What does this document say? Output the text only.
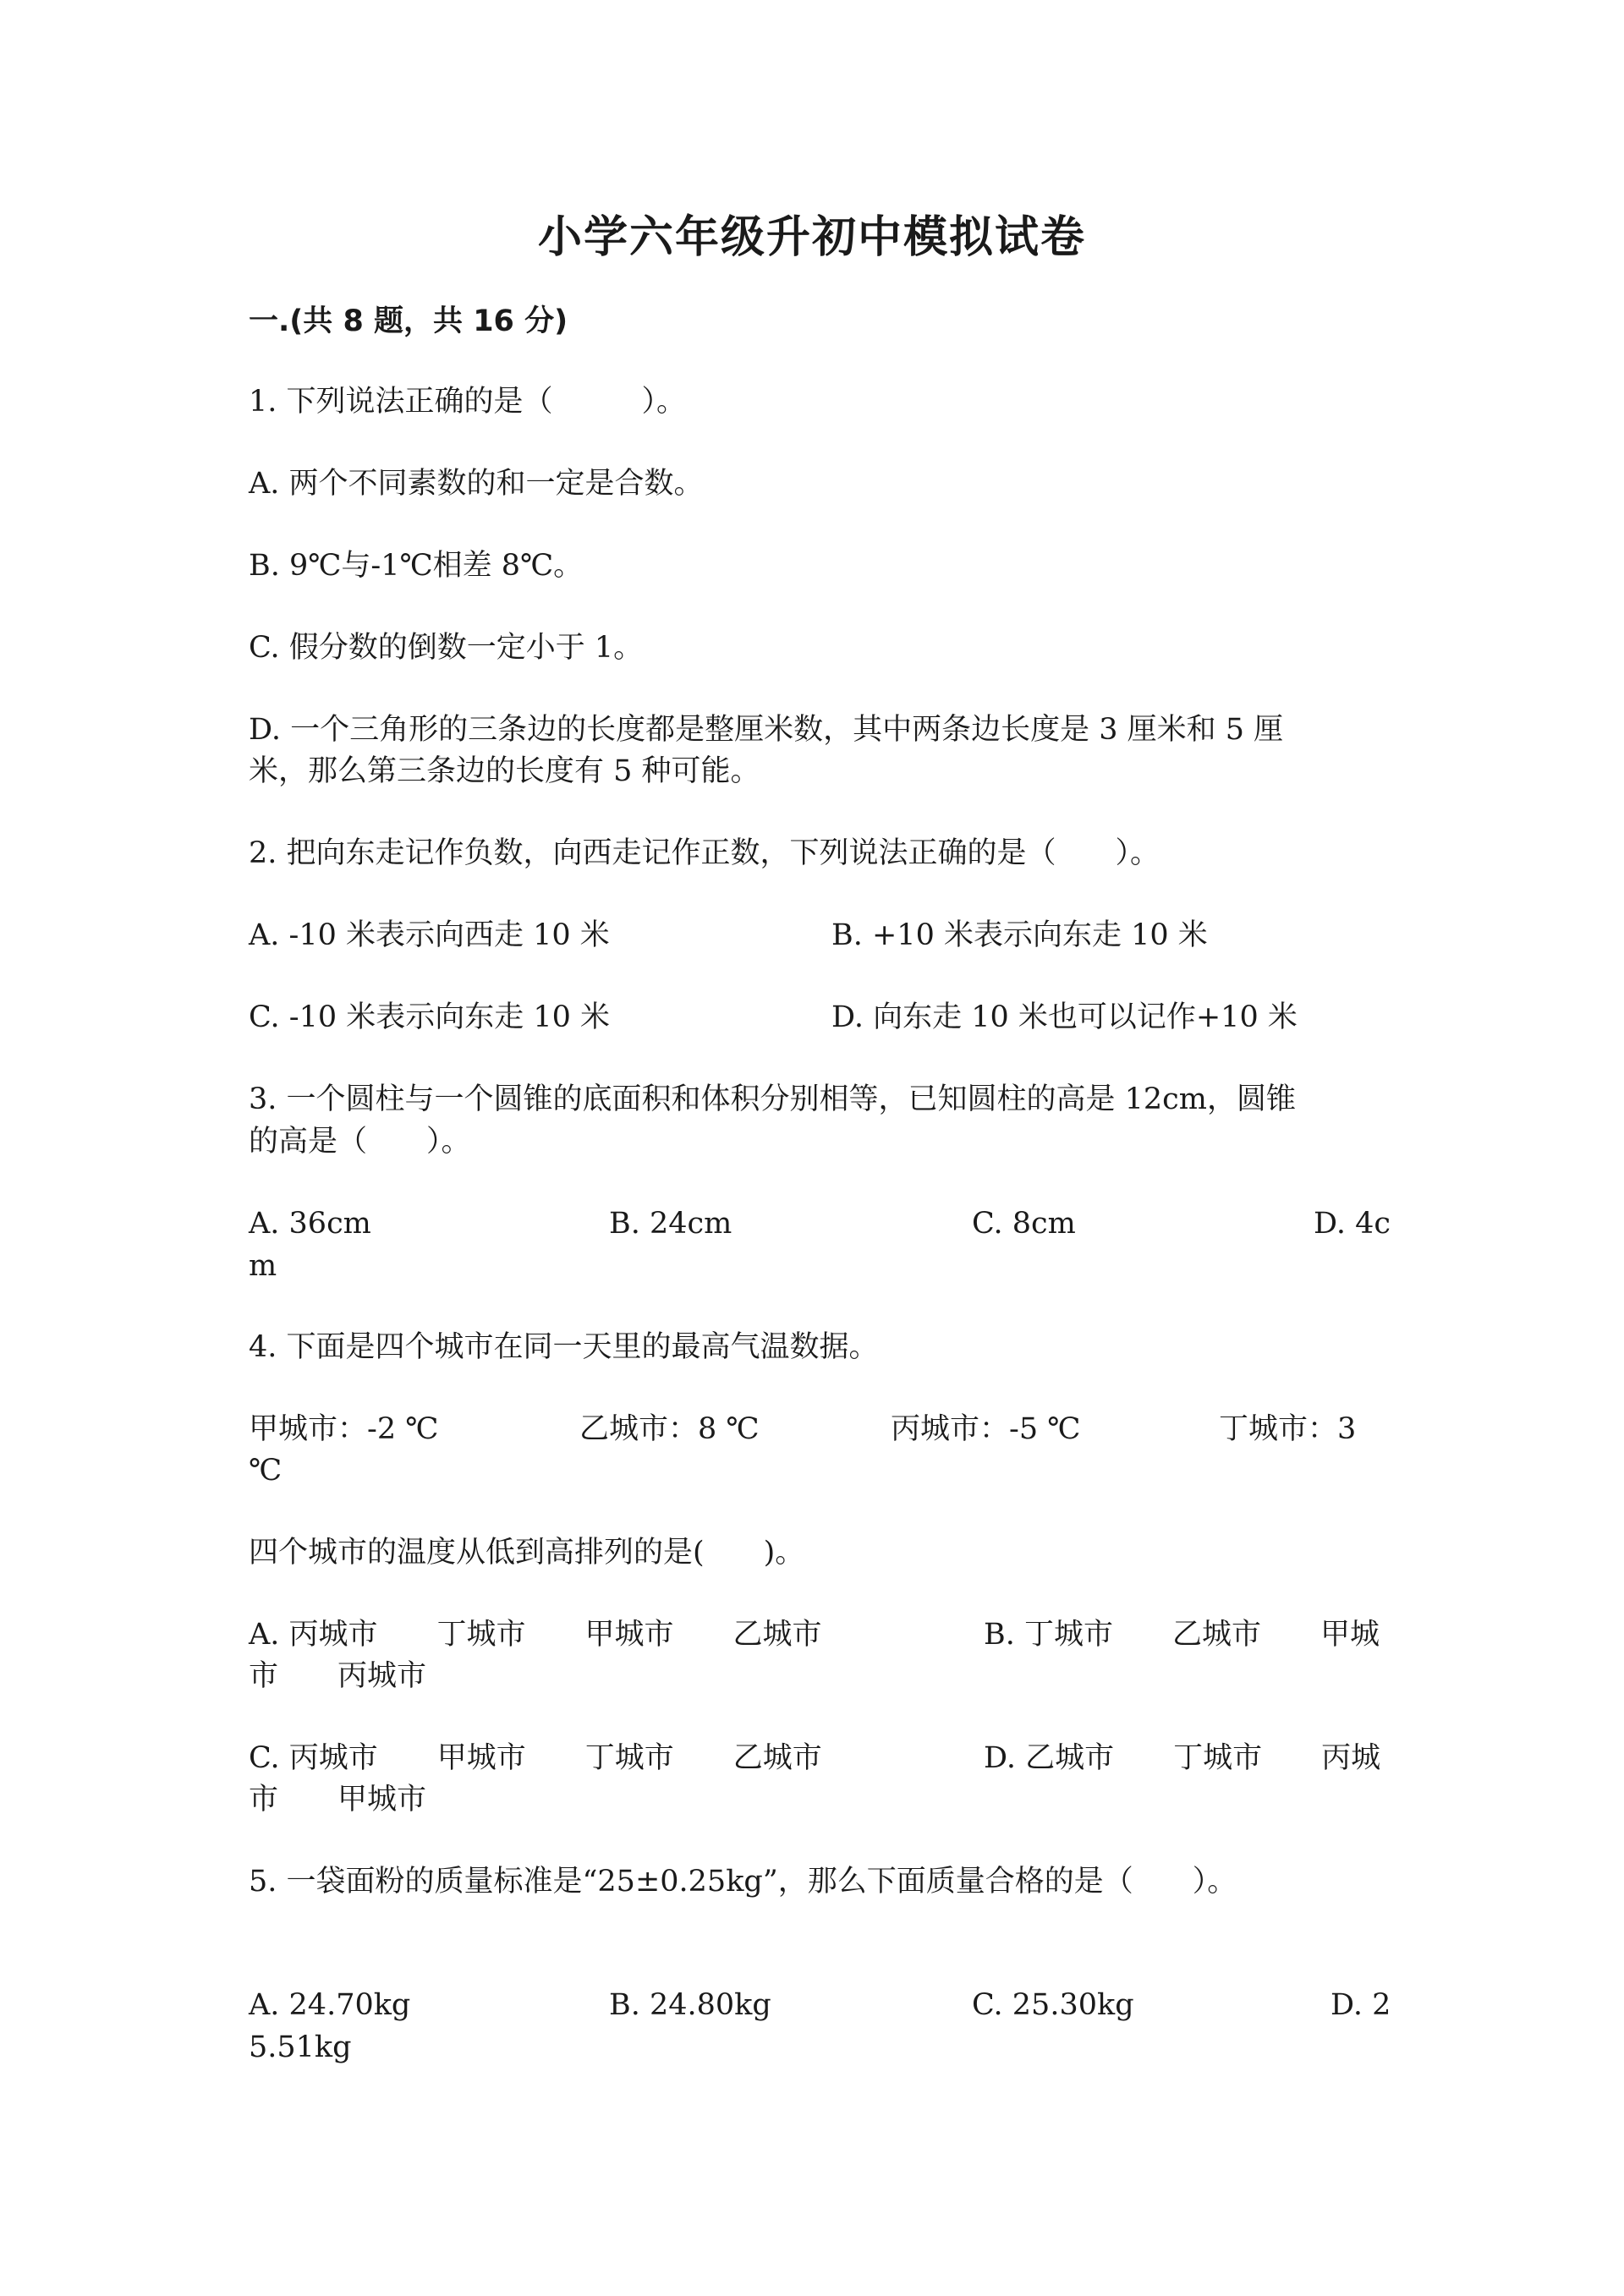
小学六年级升初中模拟试卷
一.(共 8 题，共 16 分)
1. 下列说法正确的是（　　　）。
A. 两个不同素数的和一定是合数。
B. 9℃与-1℃相差 8℃。
C. 假分数的倒数一定小于 1。
D. 一个三角形的三条边的长度都是整厘米数，其中两条边长度是 3 厘米和 5 厘
米，那么第三条边的长度有 5 种可能。
2. 把向东走记作负数，向西走记作正数，下列说法正确的是（　　）。
A. -10 米表示向西走 10 米	B. +10 米表示向东走 10 米
C. -10 米表示向东走 10 米	D. 向东走 10 米也可以记作+10 米
3. 一个圆柱与一个圆锥的底面积和体积分别相等，已知圆柱的高是 12cm，圆锥
的高是（　　）。
A. 36cm	B. 24cm	C. 8cm	D. 4c
m
4. 下面是四个城市在同一天里的最高气温数据。
甲城市：-2 ℃	乙城市：8 ℃	丙城市：-5 ℃	丁城市：3
℃
四个城市的温度从低到高排列的是(　　)。
A. 丙城市　　丁城市　　甲城市　　乙城市	B. 丁城市　　乙城市　　甲城
市　　丙城市
C. 丙城市　　甲城市　　丁城市　　乙城市	D. 乙城市　　丁城市　　丙城
市　　甲城市
5. 一袋面粉的质量标准是“25±0.25kg”，那么下面质量合格的是（　　）。
A. 24.70kg	B. 24.80kg	C. 25.30kg	D. 2
5.51kg
